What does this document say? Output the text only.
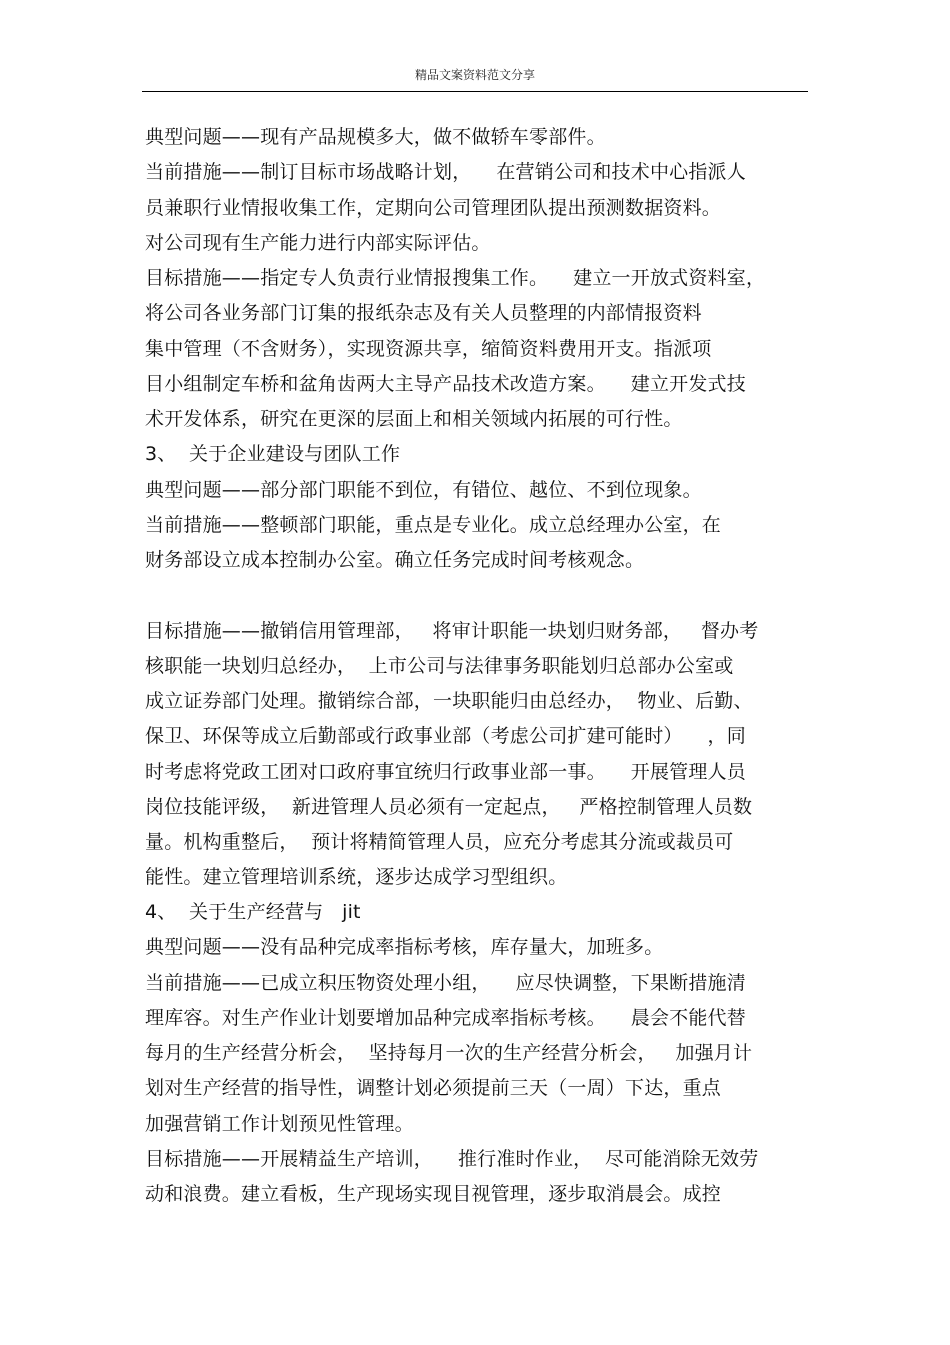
精品文案资料范文分享
典型问题——现有产品规模多大，做不做轿车零部件。
当前措施——制订目标市场战略计划，    在营销公司和技术中心指派人
员兼职行业情报收集工作，定期向公司管理团队提出预测数据资料。
对公司现有生产能力进行内部实际评估。
目标措施——指定专人负责行业情报搜集工作。    建立一开放式资料室，
将公司各业务部门订集的报纸杂志及有关人员整理的内部情报资料
集中管理（不含财务），实现资源共享，缩简资料费用开支。指派项
目小组制定车桥和盆角齿两大主导产品技术改造方案。    建立开发式技
术开发体系，研究在更深的层面上和相关领域内拓展的可行性。
3、  关于企业建设与团队工作
典型问题——部分部门职能不到位，有错位、越位、不到位现象。
当前措施——整顿部门职能，重点是专业化。成立总经理办公室，在
财务部设立成本控制办公室。确立任务完成时间考核观念。
目标措施——撤销信用管理部，   将审计职能一块划归财务部，   督办考
核职能一块划归总经办，  上市公司与法律事务职能划归总部办公室或
成立证券部门处理。撤销综合部，一块职能归由总经办，  物业、后勤、
保卫、环保等成立后勤部或行政事业部（考虑公司扩建可能时）    ，同
时考虑将党政工团对口政府事宜统归行政事业部一事。    开展管理人员
岗位技能评级，  新进管理人员必须有一定起点，   严格控制管理人员数
量。机构重整后，  预计将精简管理人员，应充分考虑其分流或裁员可
能性。建立管理培训系统，逐步达成学习型组织。
4、  关于生产经营与   jit
典型问题——没有品种完成率指标考核，库存量大，加班多。
当前措施——已成立积压物资处理小组，    应尽快调整，下果断措施清
理库容。对生产作业计划要增加品种完成率指标考核。    晨会不能代替
每月的生产经营分析会，  坚持每月一次的生产经营分析会，   加强月计
划对生产经营的指导性，调整计划必须提前三天（一周）下达，重点
加强营销工作计划预见性管理。
目标措施——开展精益生产培训，    推行准时作业，  尽可能消除无效劳
动和浪费。建立看板，生产现场实现目视管理，逐步取消晨会。成控
